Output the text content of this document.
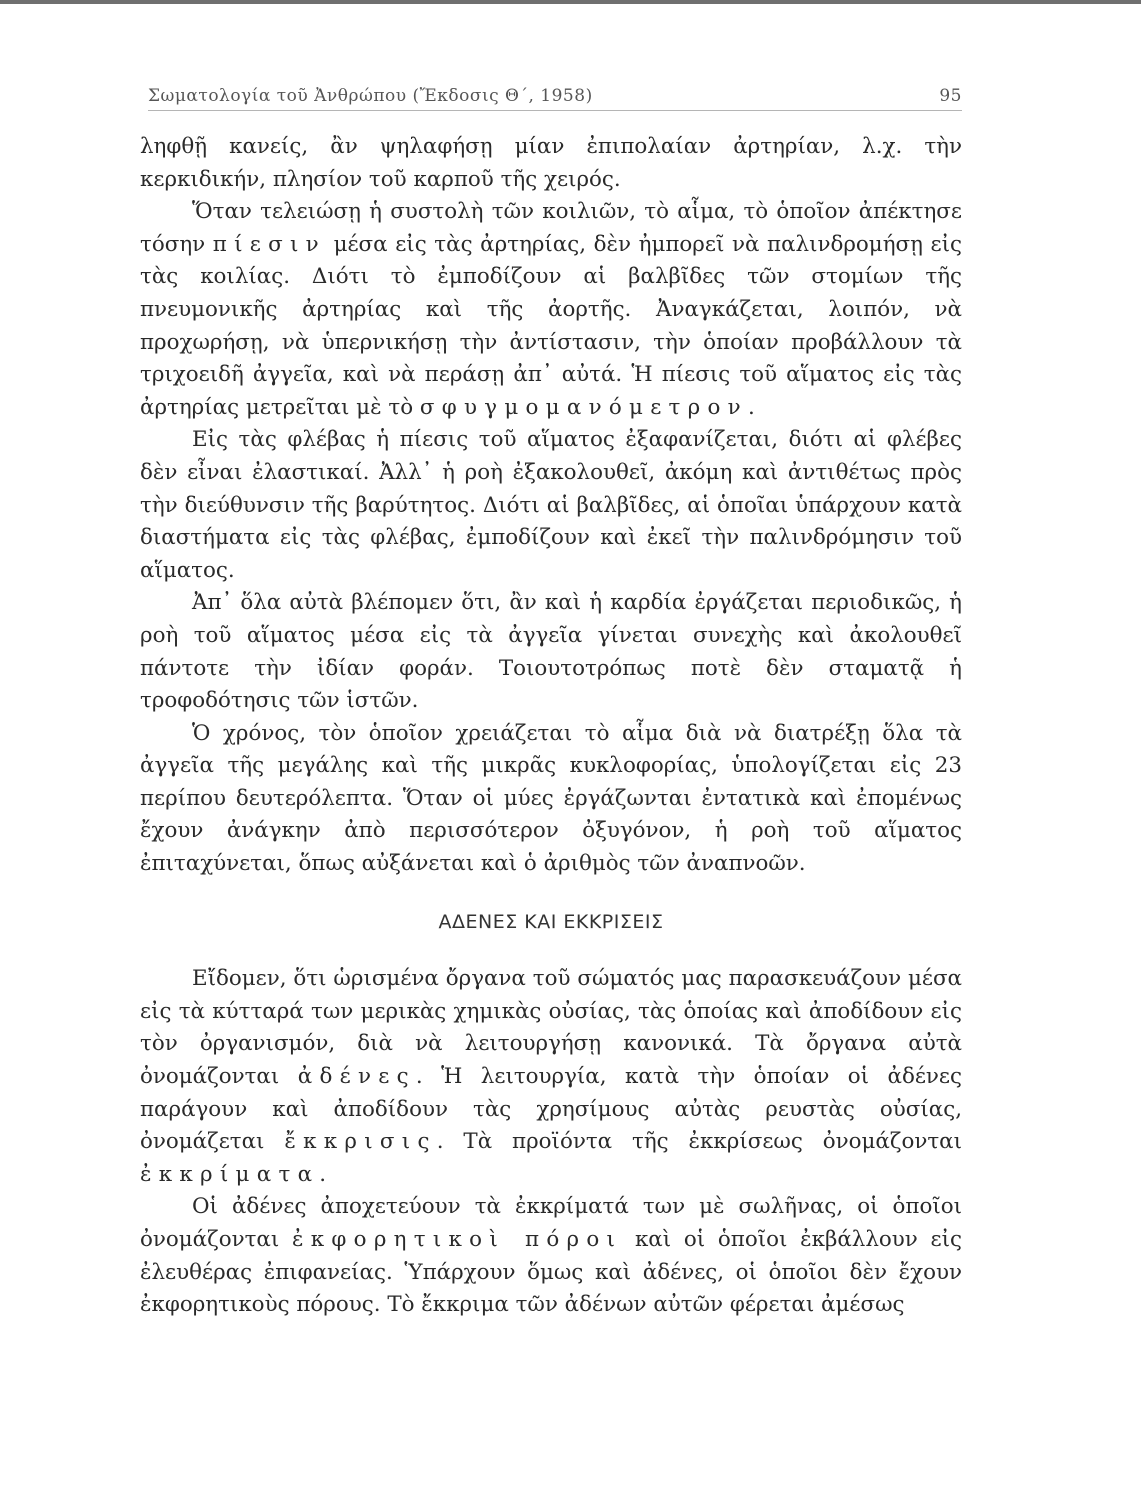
Σωματολογία τοῦ Ἀνθρώπου (Ἔκδοσις Θ΄, 1958)	95

ληφθῇ κανείς, ἂν ψηλαφήσῃ μίαν ἐπιπολαίαν ἀρτηρίαν, λ.χ. τὴν κερκιδικήν, πλησίον τοῦ καρποῦ τῆς χειρός.

Ὅταν τελειώσῃ ἡ συστολὴ τῶν κοιλιῶν, τὸ αἷμα, τὸ ὁποῖον ἀπέκτησε τόσην πίεσιν μέσα εἰς τὰς ἀρτηρίας, δὲν ἠμπορεῖ νὰ παλινδρομήσῃ εἰς τὰς κοιλίας. Διότι τὸ ἐμποδίζουν αἱ βαλβῖδες τῶν στομίων τῆς πνευμονικῆς ἀρτηρίας καὶ τῆς ἀορτῆς. Ἀναγκάζεται, λοιπόν, νὰ προχωρήσῃ, νὰ ὑπερνικήσῃ τὴν ἀντίστασιν, τὴν ὁποίαν προβάλλουν τὰ τριχοειδῆ ἀγγεῖα, καὶ νὰ περάσῃ ἀπ᾽ αὐτά. Ἡ πίεσις τοῦ αἵματος εἰς τὰς ἀρτηρίας μετρεῖται μὲ τὸ σφυγμομανόμετρον.

Εἰς τὰς φλέβας ἡ πίεσις τοῦ αἵματος ἐξαφανίζεται, διότι αἱ φλέβες δὲν εἶναι ἐλαστικαί. Ἀλλ᾽ ἡ ροὴ ἐξακολουθεῖ, ἀκόμη καὶ ἀντιθέτως πρὸς τὴν διεύθυνσιν τῆς βαρύτητος. Διότι αἱ βαλβῖδες, αἱ ὁποῖαι ὑπάρχουν κατὰ διαστήματα εἰς τὰς φλέβας, ἐμποδίζουν καὶ ἐκεῖ τὴν παλινδρόμησιν τοῦ αἵματος.

Ἀπ᾽ ὅλα αὐτὰ βλέπομεν ὅτι, ἂν καὶ ἡ καρδία ἐργάζεται περιοδικῶς, ἡ ροὴ τοῦ αἵματος μέσα εἰς τὰ ἀγγεῖα γίνεται συνεχὴς καὶ ἀκολουθεῖ πάντοτε τὴν ἰδίαν φοράν. Τοιουτοτρόπως ποτὲ δὲν σταματᾷ ἡ τροφοδότησις τῶν ἱστῶν.

Ὁ χρόνος, τὸν ὁποῖον χρειάζεται τὸ αἷμα διὰ νὰ διατρέξῃ ὅλα τὰ ἀγγεῖα τῆς μεγάλης καὶ τῆς μικρᾶς κυκλοφορίας, ὑπολογίζεται εἰς 23 περίπου δευτερόλεπτα. Ὅταν οἱ μύες ἐργάζωνται ἐντατικὰ καὶ ἐπομένως ἔχουν ἀνάγκην ἀπὸ περισσότερον ὀξυγόνον, ἡ ροὴ τοῦ αἵματος ἐπιταχύνεται, ὅπως αὐξάνεται καὶ ὁ ἀριθμὸς τῶν ἀναπνοῶν.

ΑΔΕΝΕΣ ΚΑΙ ΕΚΚΡΙΣΕΙΣ

Εἴδομεν, ὅτι ὡρισμένα ὄργανα τοῦ σώματός μας παρασκευάζουν μέσα εἰς τὰ κύτταρά των μερικὰς χημικὰς οὐσίας, τὰς ὁποίας καὶ ἀποδίδουν εἰς τὸν ὀργανισμόν, διὰ νὰ λειτουργήσῃ κανονικά. Τὰ ὄργανα αὐτὰ ὀνομάζονται ἀδένες. Ἡ λειτουργία, κατὰ τὴν ὁποίαν οἱ ἀδένες παράγουν καὶ ἀποδίδουν τὰς χρησίμους αὐτὰς ρευστὰς οὐσίας, ὀνομάζεται ἔκκρισις. Τὰ προϊόντα τῆς ἐκκρίσεως ὀνομάζονται ἐκκρίματα.

Οἱ ἀδένες ἀποχετεύουν τὰ ἐκκρίματά των μὲ σωλῆνας, οἱ ὁποῖοι ὀνομάζονται ἐκφορητικοὶ πόροι καὶ οἱ ὁποῖοι ἐκβάλλουν εἰς ἐλευθέρας ἐπιφανείας. Ὑπάρχουν ὅμως καὶ ἀδένες, οἱ ὁποῖοι δὲν ἔχουν ἐκφορητικοὺς πόρους. Τὸ ἔκκριμα τῶν ἀδένων αὐτῶν φέρεται ἀμέσως
